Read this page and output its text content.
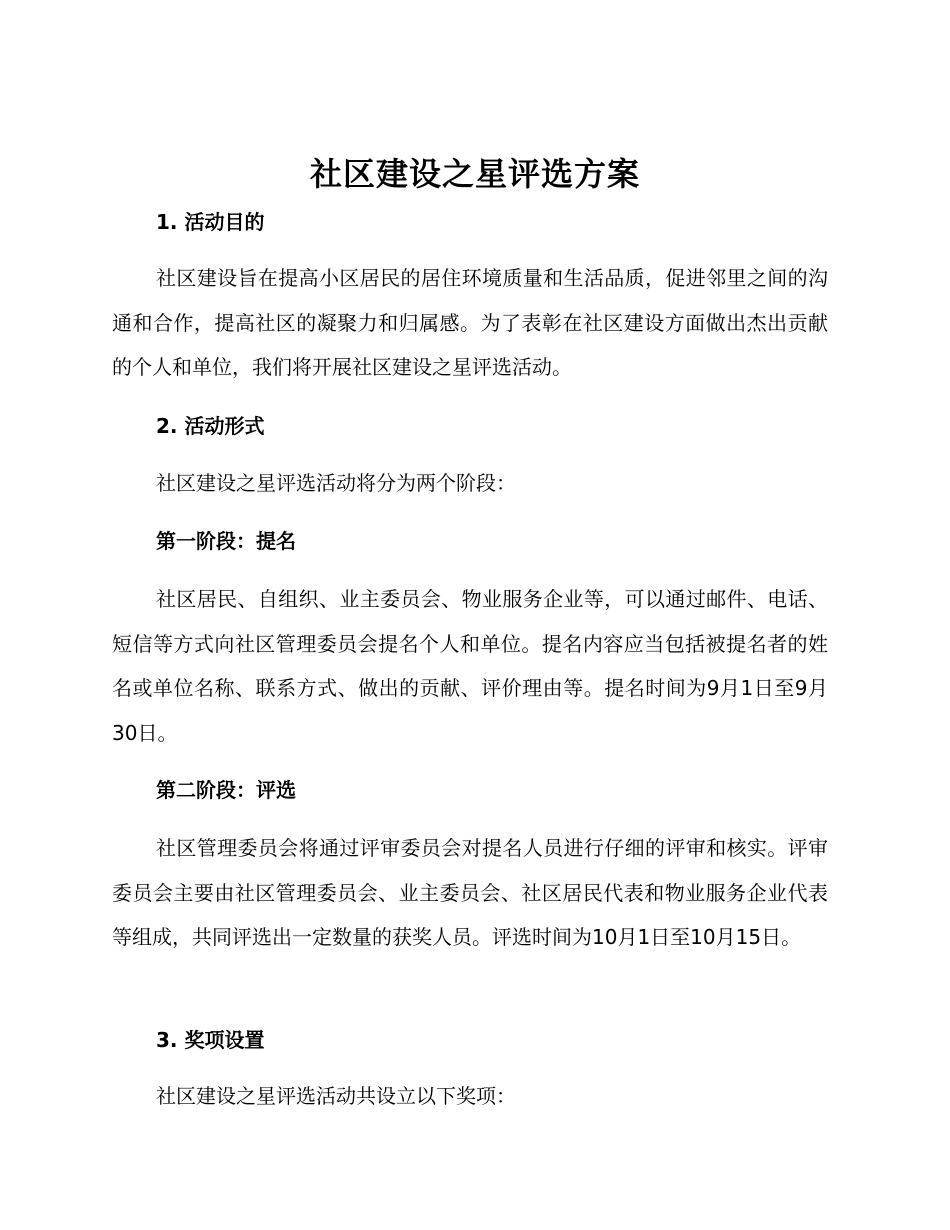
社区建设之星评选方案
1. 活动目的
社区建设旨在提高小区居民的居住环境质量和生活品质，促进邻里之间的沟通和合作，提高社区的凝聚力和归属感。为了表彰在社区建设方面做出杰出贡献的个人和单位，我们将开展社区建设之星评选活动。
2. 活动形式
社区建设之星评选活动将分为两个阶段：
第一阶段：提名
社区居民、自组织、业主委员会、物业服务企业等，可以通过邮件、电话、短信等方式向社区管理委员会提名个人和单位。提名内容应当包括被提名者的姓名或单位名称、联系方式、做出的贡献、评价理由等。提名时间为9月1日至9月30日。
第二阶段：评选
社区管理委员会将通过评审委员会对提名人员进行仔细的评审和核实。评审委员会主要由社区管理委员会、业主委员会、社区居民代表和物业服务企业代表等组成，共同评选出一定数量的获奖人员。评选时间为10月1日至10月15日。
3. 奖项设置
社区建设之星评选活动共设立以下奖项：
